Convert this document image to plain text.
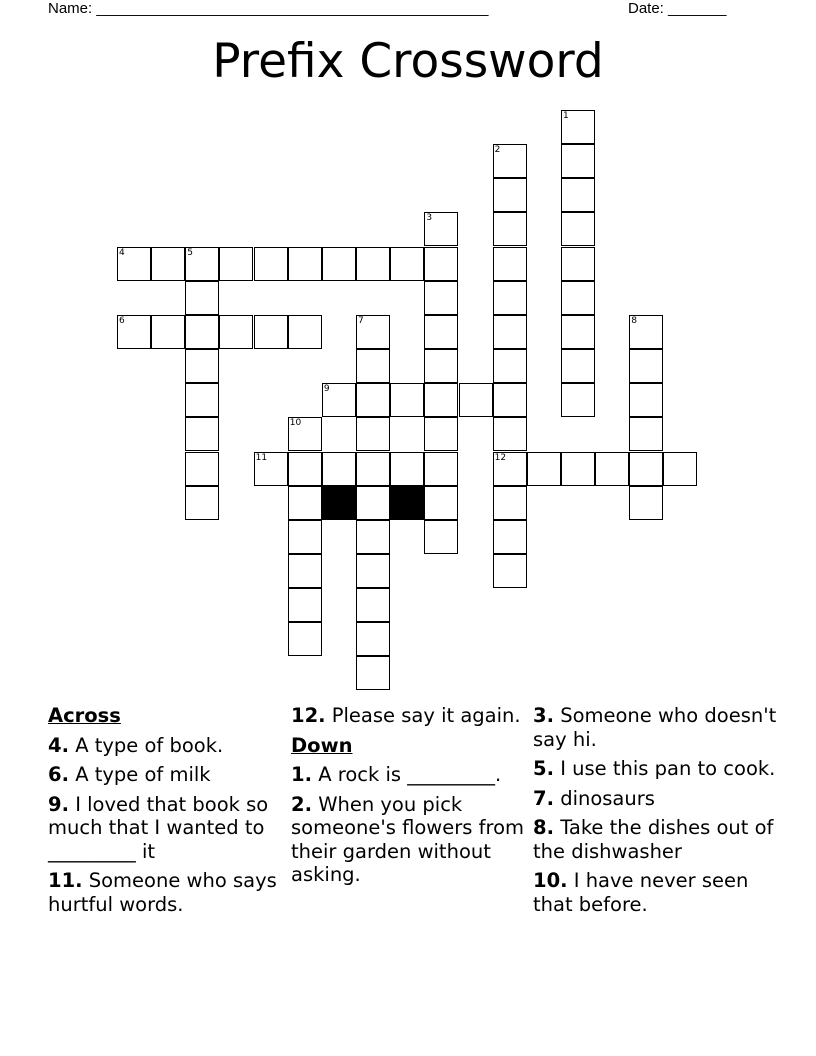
Name: _______________________________________________	Date: _______
Prefix Crossword
1
2
12
3
4	5
6	7	8
9
10
11
Across
4. A type of book.
6. A type of milk
9. I loved that book so much that I wanted to _________ it
11. Someone who says hurtful words.
12. Please say it again.
Down
1. A rock is _________.
2. When you pick someone's flowers from their garden without asking.
3. Someone who doesn't say hi.
5. I use this pan to cook.
7. dinosaurs
8. Take the dishes out of the dishwasher
10. I have never seen that before.
